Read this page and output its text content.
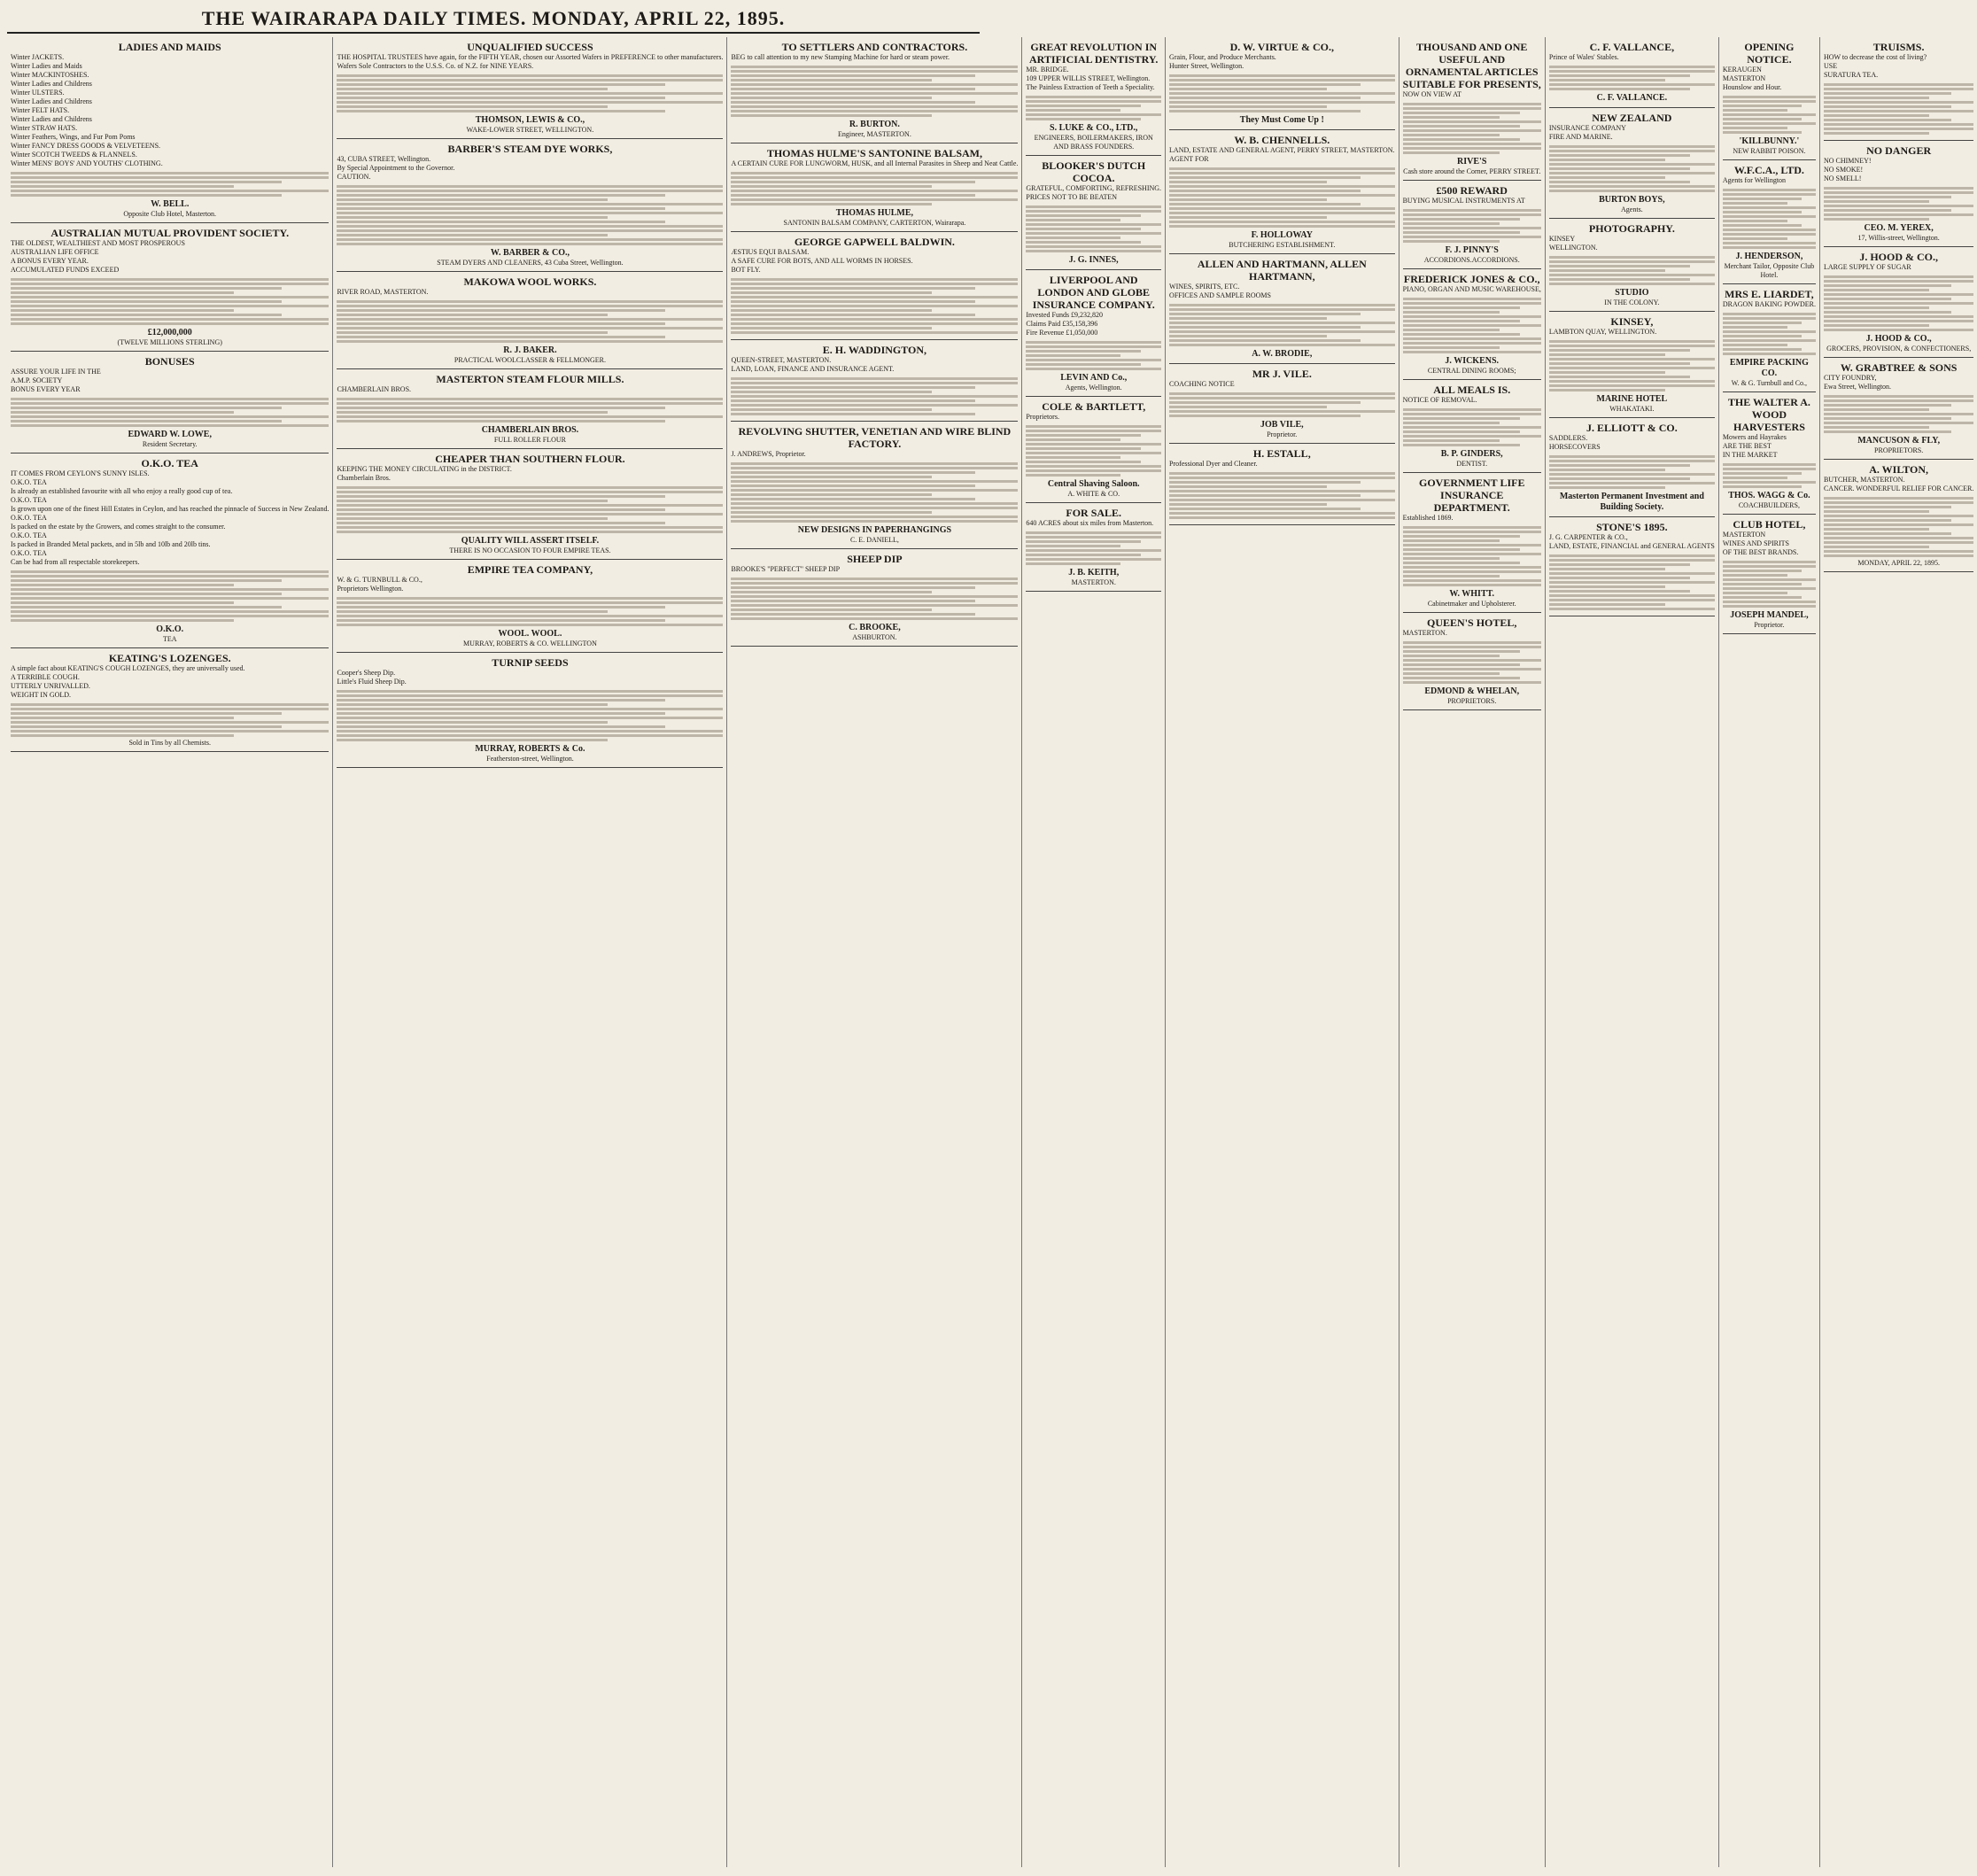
THE WAIRARAPA DAILY TIMES. MONDAY, APRIL 22, 1895.
LADIES AND MAIDS
Winter JACKETS.
Winter Ladies and Maids
Winter MACKINTOSHES.
Winter Ladies and Childrens
Winter ULSTERS.
Winter Ladies and Childrens
Winter FELT HATS.
Winter Ladies and Childrens
Winter STRAW HATS.
Winter Feathers, Wings, and Fur Pom Poms
Winter FANCY DRESS GOODS & VELVETEENS.
Winter SCOTCH TWEEDS & FLANNELS.
Winter MENS' BOYS' AND YOUTHS' CLOTHING.
W. BELL.
Opposite Club Hotel, Masterton.
AUSTRALIAN MUTUAL PROVIDENT SOCIETY.
THE OLDEST, WEALTHIEST AND MOST PROSPEROUS
AUSTRALIAN LIFE OFFICE
A BONUS EVERY YEAR.
ACCUMULATED FUNDS EXCEED
£12,000,000
(TWELVE MILLIONS STERLING)
BONUSES
ASSURE YOUR LIFE IN THE
A.M.P. SOCIETY
BONUS EVERY YEAR
EDWARD W. LOWE,
Resident Secretary.
O.K.O. TEA
IT COMES FROM CEYLON'S SUNNY ISLES.
O.K.O. TEA
Is already an established favourite with all who enjoy a really good cup of tea.
O.K.O. TEA
Is grown upon one of the finest Hill Estates in Ceylon, and has reached the pinnacle of Success in New Zealand.
O.K.O. TEA
Is packed on the estate by the Growers, and comes straight to the consumer.
O.K.O. TEA
Is packed in Branded Metal packets, and in 5lb and 10lb and 20lb tins.
O.K.O. TEA
Can be had from all respectable storekeepers.
O.K.O.
TEA
KEATING'S LOZENGES.
A simple fact about KEATING'S COUGH LOZENGES, they are universally used.
A TERRIBLE COUGH.
UTTERLY UNRIVALLED.
WEIGHT IN GOLD.
Sold in Tins by all Chemists.
UNQUALIFIED SUCCESS
THE HOSPITAL TRUSTEES have again, for the FIFTH YEAR, chosen our Assorted Wafers in PREFERENCE to other manufacturers.
Wafers Sole Contractors to the U.S.S. Co. of N.Z. for NINE YEARS.
THOMSON, LEWIS & CO.,
WAKE-LOWER STREET, WELLINGTON.
BARBER'S STEAM DYE WORKS,
43, CUBA STREET, Wellington.
By Special Appointment to the Governor.
CAUTION.
W. BARBER & CO.,
STEAM DYERS AND CLEANERS, 43 Cuba Street, Wellington.
MAKOWA WOOL WORKS.
RIVER ROAD, MASTERTON.
R. J. BAKER.
PRACTICAL WOOLCLASSER & FELLMONGER.
MASTERTON STEAM FLOUR MILLS.
CHAMBERLAIN BROS.
CHAMBERLAIN BROS.
FULL ROLLER FLOUR
CHEAPER THAN SOUTHERN FLOUR.
KEEPING THE MONEY CIRCULATING in the DISTRICT.
Chamberlain Bros.
QUALITY WILL ASSERT ITSELF.
THERE IS NO OCCASION TO FOUR EMPIRE TEAS.
EMPIRE TEA COMPANY,
W. & G. TURNBULL & CO.,
Proprietors Wellington.
WOOL. WOOL.
MURRAY, ROBERTS & CO. WELLINGTON
TURNIP SEEDS
Cooper's Sheep Dip.
Little's Fluid Sheep Dip.
MURRAY, ROBERTS & Co.
Featherston-street, Wellington.
TO SETTLERS AND CONTRACTORS.
BEG to call attention to my new Stamping Machine for hard or steam power.
R. BURTON.
Engineer, MASTERTON.
THOMAS HULME'S SANTONINE BALSAM,
A CERTAIN CURE FOR LUNGWORM, HUSK, and all Internal Parasites in Sheep and Neat Cattle.
THOMAS HULME,
SANTONIN BALSAM COMPANY, CARTERTON, Wairarapa.
GEORGE GAPWELL BALDWIN.
ÆSTIUS EQUI BALSAM.
A SAFE CURE FOR BOTS, AND ALL WORMS IN HORSES.
BOT FLY.
E. H. WADDINGTON,
QUEEN-STREET, MASTERTON.
LAND, LOAN, FINANCE AND INSURANCE AGENT.
REVOLVING SHUTTER, VENETIAN AND WIRE BLIND FACTORY.
J. ANDREWS, Proprietor.
NEW DESIGNS IN PAPERHANGINGS
C. E. DANIELL,
SHEEP DIP
BROOKE'S "PERFECT" SHEEP DIP
C. BROOKE,
ASHBURTON.
GREAT REVOLUTION IN ARTIFICIAL DENTISTRY.
MR. BRIDGE.
109 UPPER WILLIS STREET, Wellington.
The Painless Extraction of Teeth a Speciality.
S. LUKE & CO., LTD.,
ENGINEERS, BOILERMAKERS, IRON AND BRASS FOUNDERS.
BLOOKER'S DUTCH COCOA.
GRATEFUL, COMFORTING, REFRESHING.
PRICES NOT TO BE BEATEN
J. G. INNES,
LIVERPOOL AND LONDON AND GLOBE INSURANCE COMPANY.
Invested Funds £9,232,820
Claims Paid £35,158,396
Fire Revenue £1,050,000
LEVIN AND Co.,
Agents, Wellington.
COLE & BARTLETT,
Proprietors.
Central Shaving Saloon.
A. WHITE & CO.
FOR SALE.
640 ACRES about six miles from Masterton.
J. B. KEITH,
MASTERTON.
D. W. VIRTUE & CO.,
Grain, Flour, and Produce Merchants.
Hunter Street, Wellington.
They Must Come Up !
W. B. CHENNELLS.
LAND, ESTATE AND GENERAL AGENT, PERRY STREET, MASTERTON.
AGENT FOR
F. HOLLOWAY
BUTCHERING ESTABLISHMENT.
ALLEN AND HARTMANN, ALLEN HARTMANN,
WINES, SPIRITS, ETC.
OFFICES AND SAMPLE ROOMS
A. W. BRODIE,
MR J. VILE.
COACHING NOTICE
JOB VILE,
Proprietor.
H. ESTALL,
Professional Dyer and Cleaner.
THOUSAND AND ONE USEFUL AND ORNAMENTAL ARTICLES SUITABLE FOR PRESENTS,
NOW ON VIEW AT
RIVE'S
Cash store around the Corner, PERRY STREET.
£500 REWARD
BUYING MUSICAL INSTRUMENTS AT
F. J. PINNY'S
ACCORDIONS.ACCORDIONS.
FREDERICK JONES & CO.,
PIANO, ORGAN AND MUSIC WAREHOUSE,
J. WICKENS.
CENTRAL DINING ROOMS;
ALL MEALS IS.
NOTICE OF REMOVAL.
B. P. GINDERS,
DENTIST.
GOVERNMENT LIFE INSURANCE DEPARTMENT.
Established 1869.
W. WHITT.
Cabinetmaker and Upholsterer.
QUEEN'S HOTEL,
MASTERTON.
EDMOND & WHELAN,
PROPRIETORS.
C. F. VALLANCE,
Prince of Wales' Stables.
C. F. VALLANCE.
NEW ZEALAND
INSURANCE COMPANY
FIRE AND MARINE.
BURTON BOYS,
Agents.
PHOTOGRAPHY.
KINSEY
WELLINGTON.
STUDIO
IN THE COLONY.
KINSEY,
LAMBTON QUAY, WELLINGTON.
MARINE HOTEL
WHAKATAKI.
J. ELLIOTT & CO.
SADDLERS.
HORSECOVERS
Masterton Permanent Investment and Building Society.
STONE'S 1895.
J. G. CARPENTER & CO.,
LAND, ESTATE, FINANCIAL and GENERAL AGENTS
OPENING NOTICE.
KERAUGEN
MASTERTON
Hounslow and Hour.
'KILLBUNNY.'
NEW RABBIT POISON.
W.F.C.A., LTD.
Agents for Wellington
J. HENDERSON,
Merchant Tailor, Opposite Club Hotel.
MRS E. LIARDET,
DRAGON BAKING POWDER.
EMPIRE PACKING CO.
W. & G. Turnbull and Co.,
THE WALTER A. WOOD HARVESTERS
Mowers and Hayrakes
ARE THE BEST
IN THE MARKET
THOS. WAGG & Co.
COACHBUILDERS,
CLUB HOTEL,
MASTERTON
WINES AND SPIRITS
OF THE BEST BRANDS.
JOSEPH MANDEL,
Proprietor.
TRUISMS.
HOW to decrease the cost of living?
USE
SURATURA TEA.
NO DANGER
NO CHIMNEY!
NO SMOKE!
NO SMELL!
CEO. M. YEREX,
17, Willis-street, Wellington.
J. HOOD & CO.,
LARGE SUPPLY OF SUGAR
J. HOOD & CO.,
GROCERS, PROVISION, & CONFECTIONERS,
W. GRABTREE & SONS
CITY FOUNDRY,
Ewa Street, Wellington.
MANCUSON & FLY,
PROPRIETORS.
A. WILTON,
BUTCHER, MASTERTON.
CANCER. WONDERFUL RELIEF FOR CANCER.
MONDAY, APRIL 22, 1895.
